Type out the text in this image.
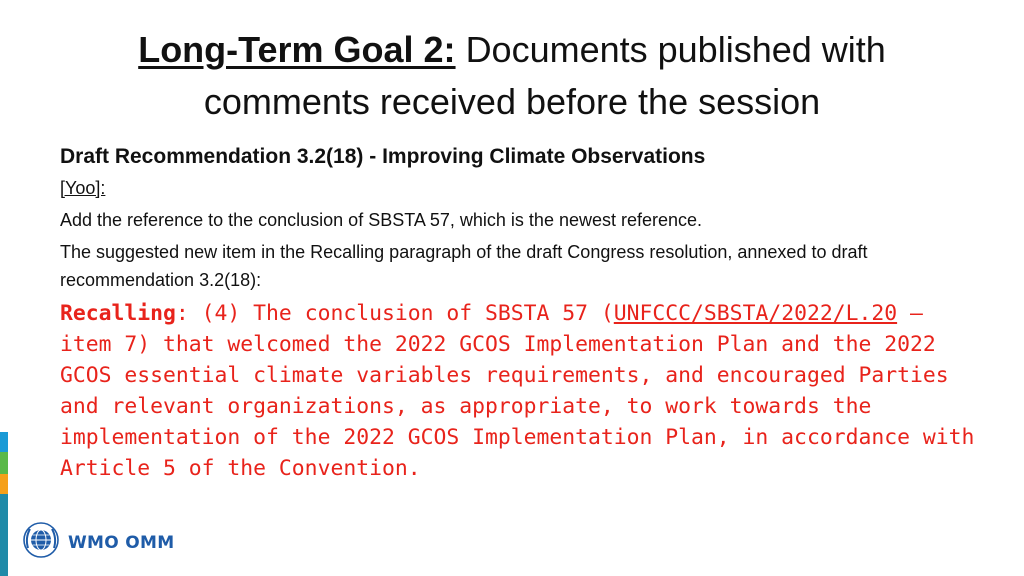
Long-Term Goal 2: Documents published with comments received before the session

Draft Recommendation 3.2(18) - Improving Climate Observations

[Yoo]:

Add the reference to the conclusion of SBSTA 57, which is the newest reference.

The suggested new item in the Recalling paragraph of the draft Congress resolution, annexed to draft recommendation 3.2(18):

Recalling: (4) The conclusion of SBSTA 57 (UNFCCC/SBSTA/2022/L.20 – item 7) that welcomed the 2022 GCOS Implementation Plan and the 2022 GCOS essential climate variables requirements, and encouraged Parties and relevant organizations, as appropriate, to work towards the implementation of the 2022 GCOS Implementation Plan, in accordance with Article 5 of the Convention.
WMO OMM
